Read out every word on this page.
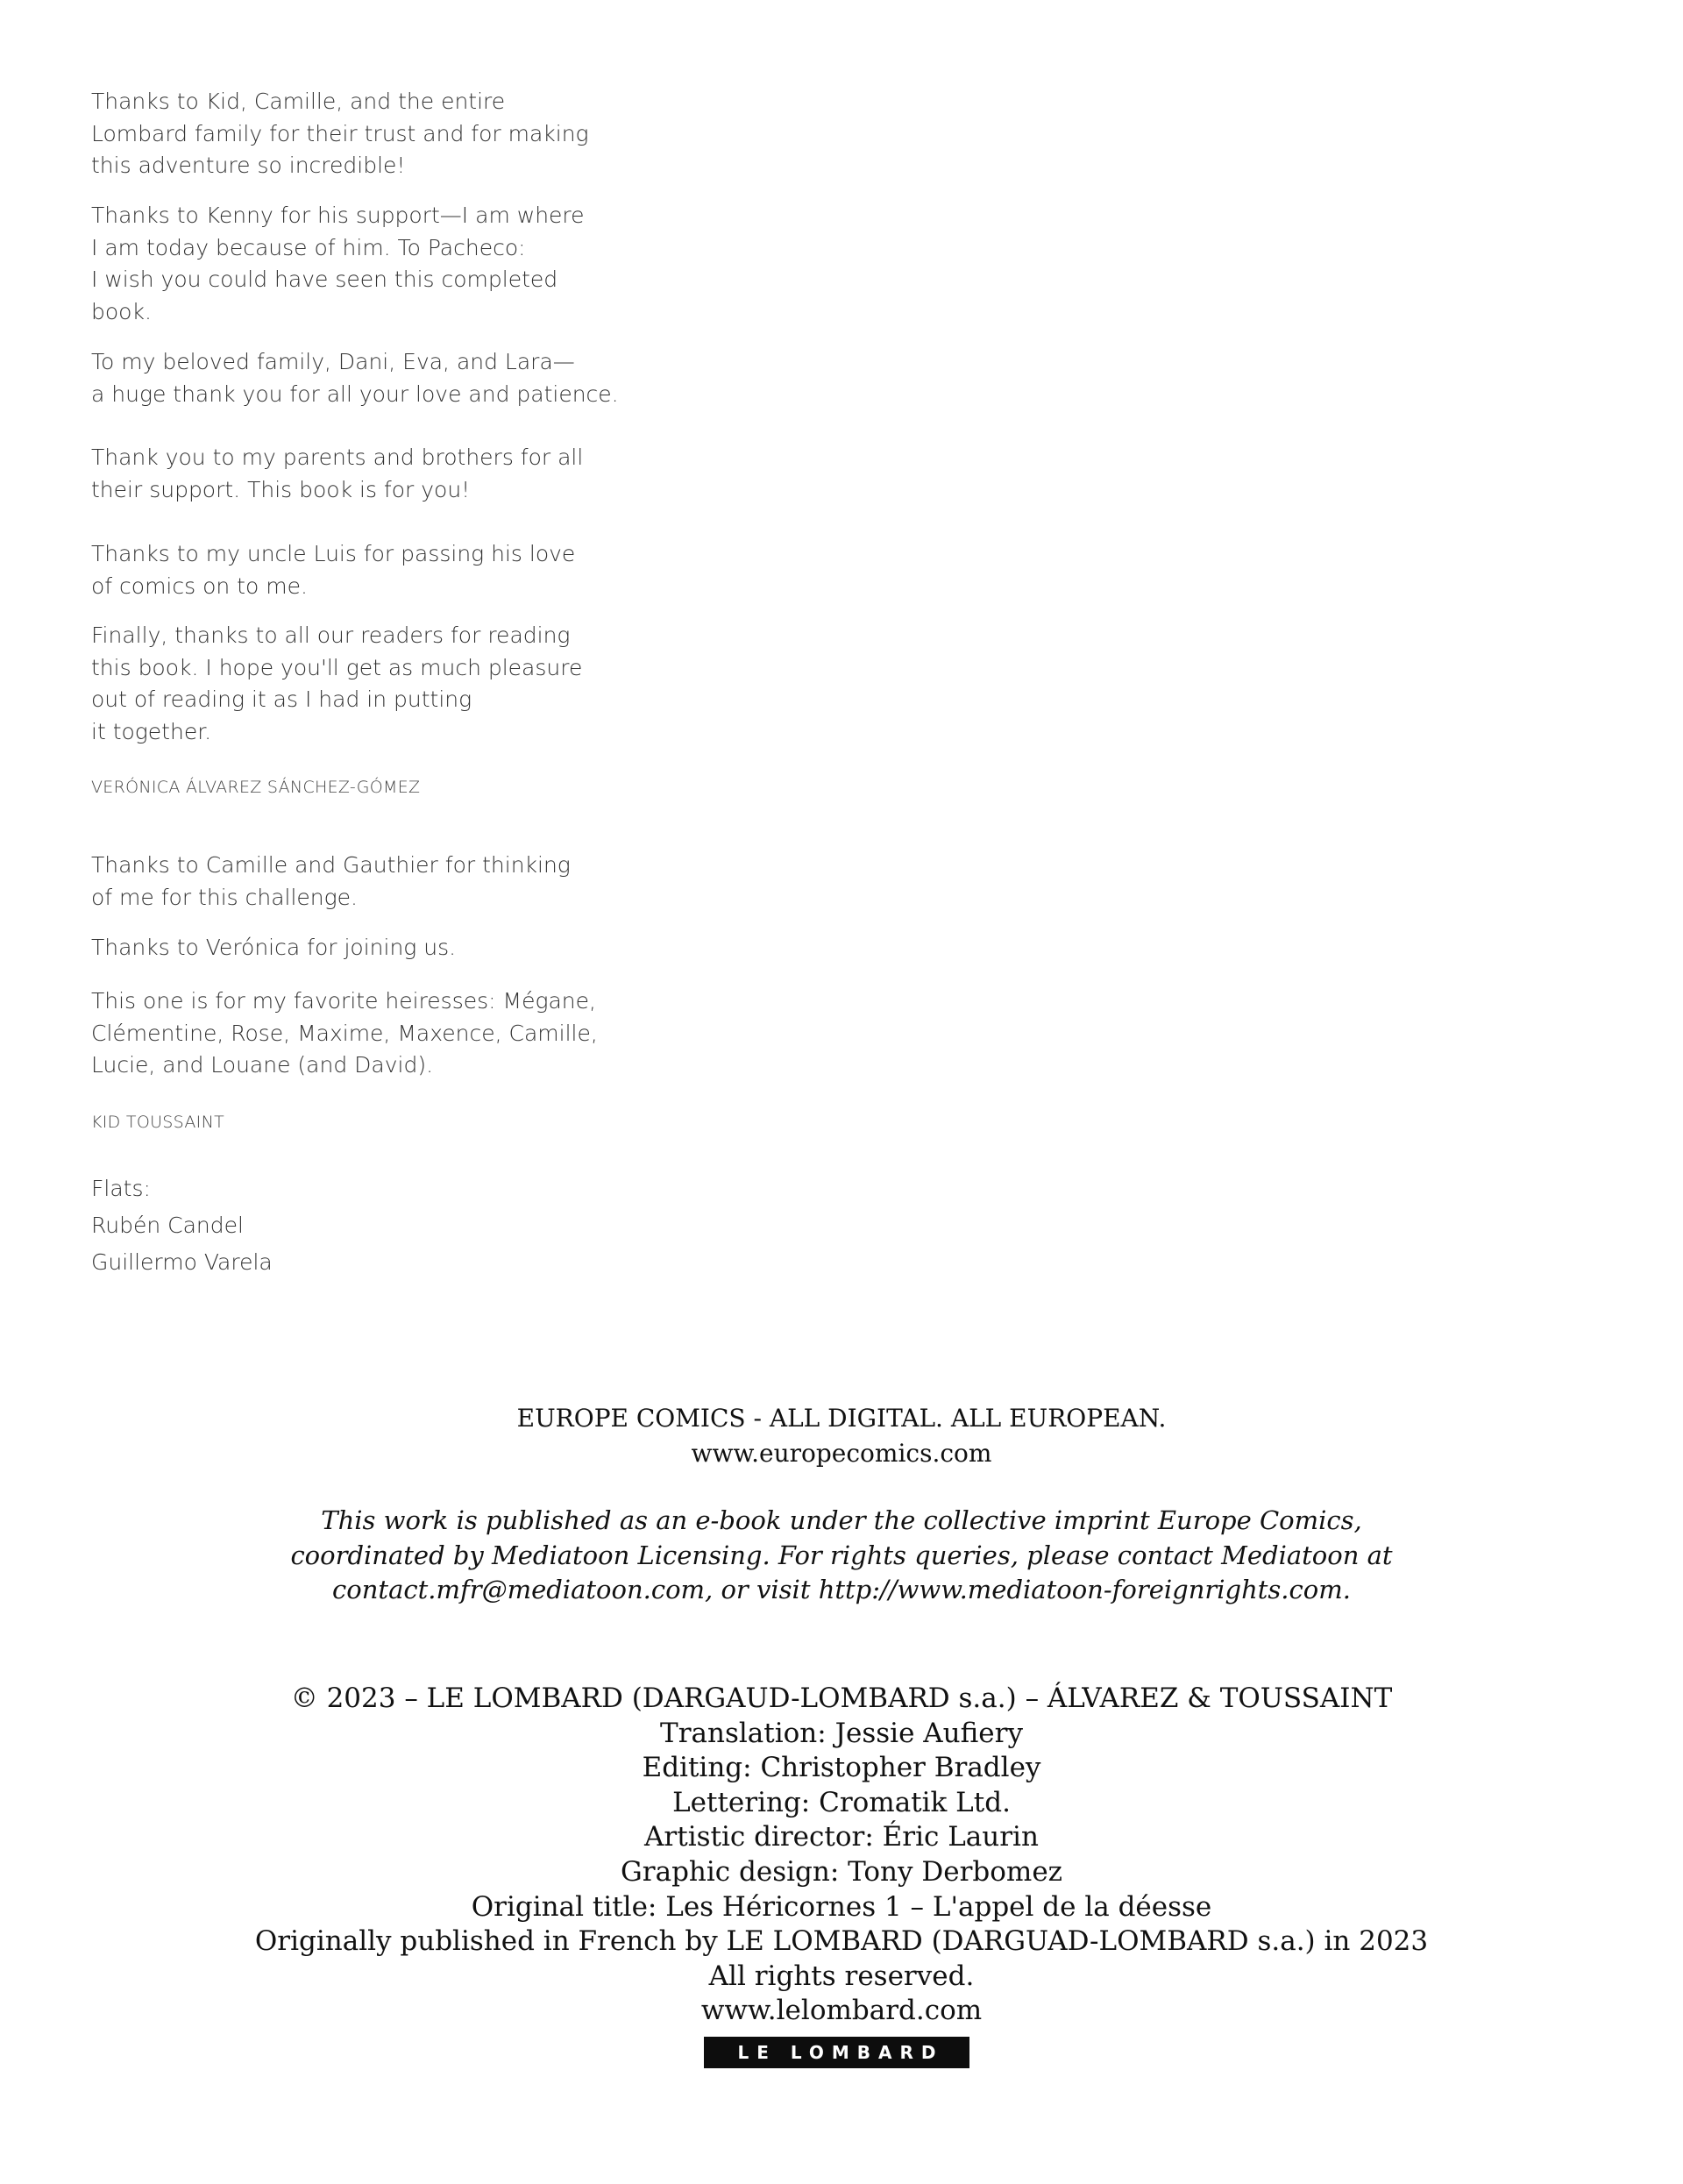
Thanks to Kid, Camille, and the entire
Lombard family for their trust and for making
this adventure so incredible!
Thanks to Kenny for his support—I am where
I am today because of him. To Pacheco:
I wish you could have seen this completed
book.
To my beloved family, Dani, Eva, and Lara—
a huge thank you for all your love and patience.
Thank you to my parents and brothers for all
their support. This book is for you!
Thanks to my uncle Luis for passing his love
of comics on to me.
Finally, thanks to all our readers for reading
this book. I hope you'll get as much pleasure
out of reading it as I had in putting
it together.
VERÓNICA ÁLVAREZ SÁNCHEZ-GÓMEZ
Thanks to Camille and Gauthier for thinking
of me for this challenge.
Thanks to Verónica for joining us.
This one is for my favorite heiresses: Mégane,
Clémentine, Rose, Maxime, Maxence, Camille,
Lucie, and Louane (and David).
KID TOUSSAINT
Flats:
Rubén Candel
Guillermo Varela
EUROPE COMICS - ALL DIGITAL. ALL EUROPEAN.
www.europecomics.com
This work is published as an e-book under the collective imprint Europe Comics,
coordinated by Mediatoon Licensing. For rights queries, please contact Mediatoon at
contact.mfr@mediatoon.com, or visit http://www.mediatoon-foreignrights.com.
© 2023 – LE LOMBARD (DARGAUD-LOMBARD s.a.) – ÁLVAREZ & TOUSSAINT
Translation: Jessie Aufiery
Editing: Christopher Bradley
Lettering: Cromatik Ltd.
Artistic director: Éric Laurin
Graphic design: Tony Derbomez
Original title: Les Héricornes 1 – L'appel de la déesse
Originally published in French by LE LOMBARD (DARGUAD-LOMBARD s.a.) in 2023
All rights reserved.
www.lelombard.com
LE LOMBARD
